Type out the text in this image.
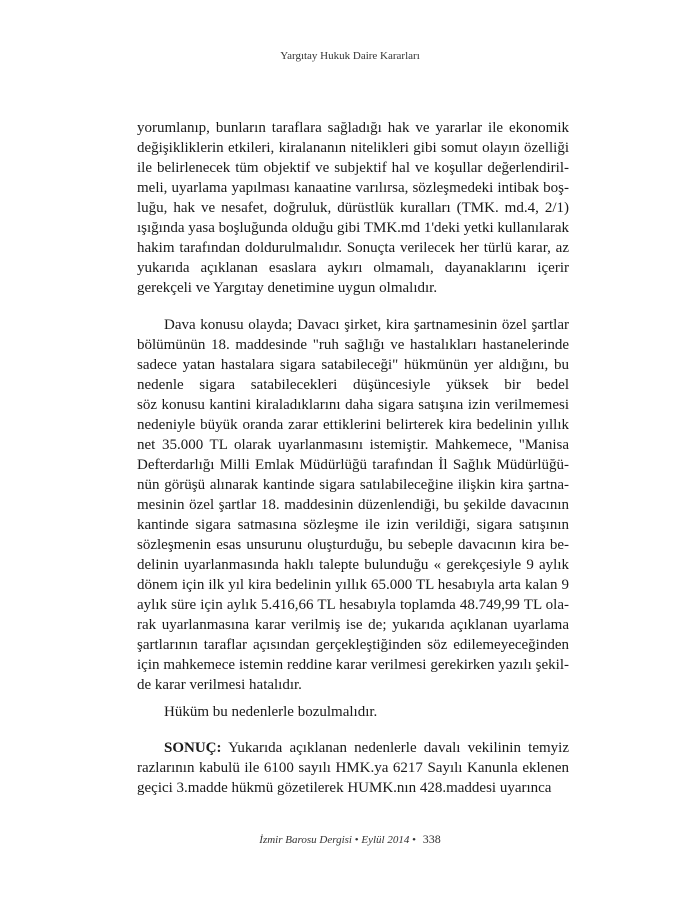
Yargıtay Hukuk Daire Kararları
yorumlanıp, bunların taraflara sağladığı hak ve yararlar ile ekonomik
değişikliklerin etkileri, kiralananın nitelikleri gibi somut olayın özelliği
ile belirlenecek tüm objektif ve subjektif hal ve koşullar değerlendiril-
meli, uyarlama yapılması kanaatine varılırsa, sözleşmedeki intibak boş-
luğu, hak ve nesafet, doğruluk, dürüstlük kuralları (TMK. md.4, 2/1)
ışığında yasa boşluğunda olduğu gibi TMK.md 1'deki yetki kullanılarak
hakim tarafından doldurulmalıdır. Sonuçta verilecek her türlü karar, az
yukarıda açıklanan esaslara aykırı olmamalı, dayanaklarını içerir
gerekçeli ve Yargıtay denetimine uygun olmalıdır.
Dava konusu olayda; Davacı şirket, kira şartnamesinin özel şartlar
bölümünün 18. maddesinde "ruh sağlığı ve hastalıkları hastanelerinde
sadece yatan hastalara sigara satabileceği" hükmünün yer aldığını, bu
nedenle sigara satabilecekleri düşüncesiyle yüksek bir bedel
söz konusu kantini kiraladıklarını daha sigara satışına izin verilmemesi
nedeniyle büyük oranda zarar ettiklerini belirterek kira bedelinin yıllık
net 35.000 TL olarak uyarlanmasını istemiştir. Mahkemece, "Manisa
Defterdarlığı Milli Emlak Müdürlüğü tarafından İl Sağlık Müdürlüğü-
nün görüşü alınarak kantinde sigara satılabileceğine ilişkin kira şartna-
mesinin özel şartlar 18. maddesinin düzenlendiği, bu şekilde davacının
kantinde sigara satmasına sözleşme ile izin verildiği, sigara satışının
sözleşmenin esas unsurunu oluşturduğu, bu sebeple davacının kira be-
delinin uyarlanmasında haklı talepte bulunduğu « gerekçesiyle 9 aylık
dönem için ilk yıl kira bedelinin yıllık 65.000 TL hesabıyla arta kalan 9
aylık süre için aylık 5.416,66 TL hesabıyla toplamda 48.749,99 TL ola-
rak uyarlanmasına karar verilmiş ise de; yukarıda açıklanan uyarlama
şartlarının taraflar açısından gerçekleştiğinden söz edilemeyeceğinden
için mahkemece istemin reddine karar verilmesi gerekirken yazılı şekil-
de karar verilmesi hatalıdır.
Hüküm bu nedenlerle bozulmalıdır.
SONUÇ: Yukarıda açıklanan nedenlerle davalı vekilinin temyiz
razlarının kabulü ile 6100 sayılı HMK.ya 6217 Sayılı Kanunla eklenen
geçici 3.madde hükmü gözetilerek HUMK.nın 428.maddesi uyarınca
İzmir Barosu Dergisi • Eylül 2014 • 338
